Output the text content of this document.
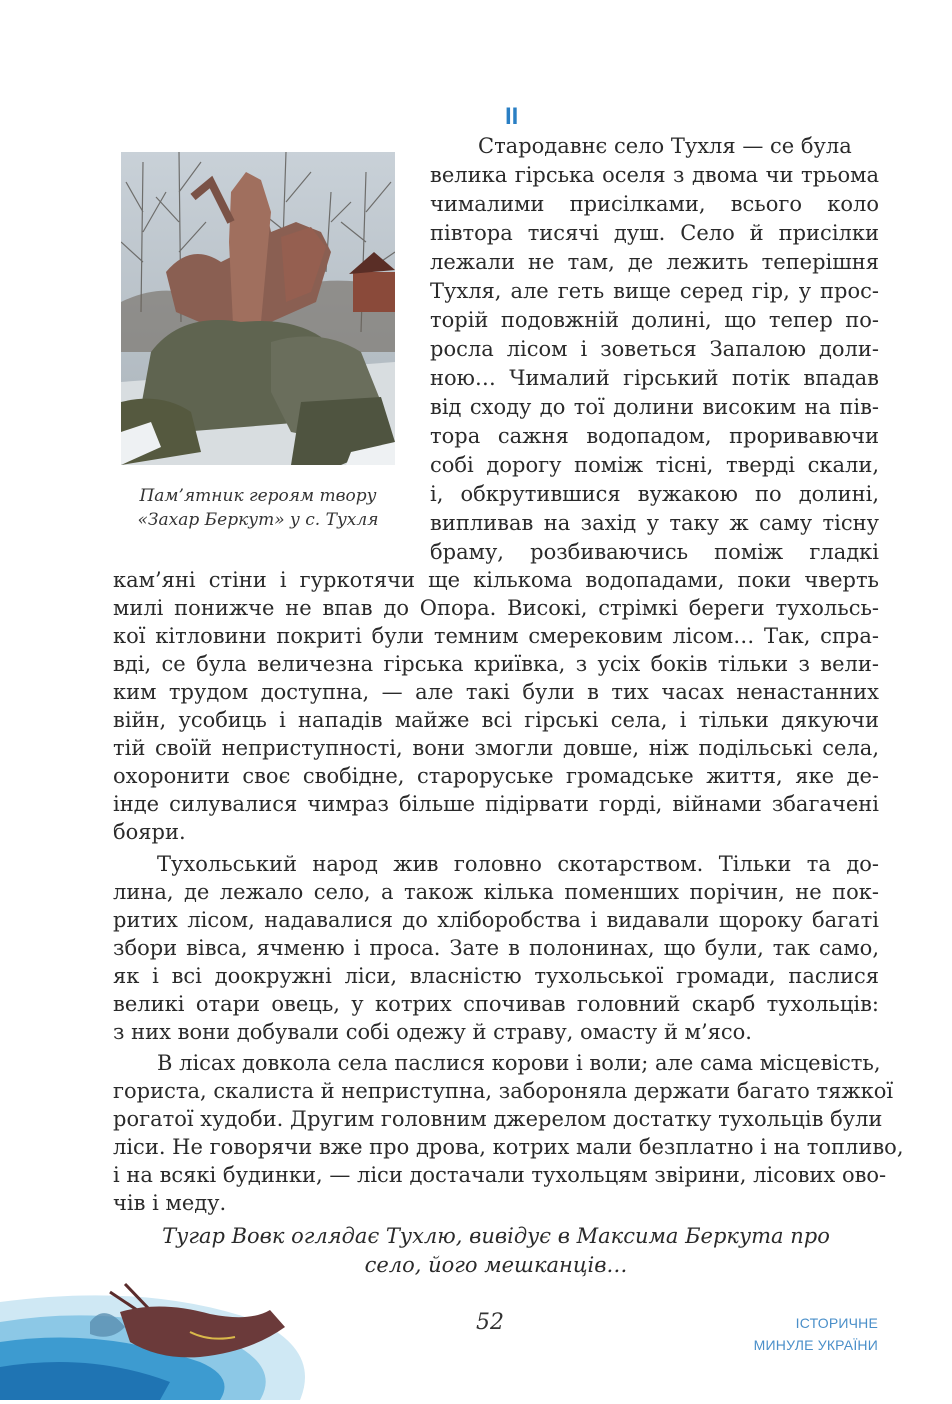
II
Пам’ятник героям твору
«Захар Беркут» у с. Тухля
Стародавнє село Тухля — се була
велика гірська оселя з двома чи трьома
чималими присілками, всього коло
півтора тисячі душ. Село й присілки
лежали не там, де лежить теперішня
Тухля, але геть вище серед гір, у прос-
торій подовжній долині, що тепер по-
росла лісом і зоветься Запалою доли-
ною… Чималий гірський потік впадав
від сходу до тої долини високим на пів-
тора сажня водопадом, проривавючи
собі дорогу поміж тісні, тверді скали,
і, обкрутившися вужакою по долині,
випливав на захід у таку ж саму тісну
браму, розбиваючись поміж гладкі
кам’яні стіни і гуркотячи ще кількома водопадами, поки чверть
милі понижче не впав до Опора. Високі, стрімкі береги тухольсь-
кої кітловини покриті були темним смерековим лісом… Так, спра-
вді, се була величезна гірська криївка, з усіх боків тільки з вели-
ким трудом доступна, — але такі були в тих часах ненастанних
війн, усобиць і нападів майже всі гірські села, і тільки дякуючи
тій своїй неприступності, вони змогли довше, ніж подільські села,
охоронити своє свобідне, староруське громадське життя, яке де-
інде силувалися чимраз більше підірвати горді, війнами збагачені
бояри.
Тухольський народ жив головно скотарством. Тільки та до-
лина, де лежало село, а також кілька поменших порічин, не пок-
ритих лісом, надавалися до хліборобства і видавали щороку багаті
збори вівса, ячменю і проса. Зате в полонинах, що були, так само,
як і всі доокружні ліси, власністю тухольської громади, паслися
великі отари овець, у котрих спочивав головний скарб тухольців:
з них вони добували собі одежу й страву, омасту й м’ясо.
В лісах довкола села паслися корови і воли; але сама місцевість,
гориста, скалиста й неприступна, забороняла держати багато тяжкої
рогатої худоби. Другим головним джерелом достатку тухольців були
ліси. Не говорячи вже про дрова, котрих мали безплатно і на топливо,
і на всякі будинки, — ліси достачали тухольцям звірини, лісових ово-
чів і меду.
Тугар Вовк оглядає Тухлю, вивідує в Максима Беркута про
село, його мешканців…
52	ІСТОРИЧНЕ
МИНУЛЕ УКРАЇНИ
